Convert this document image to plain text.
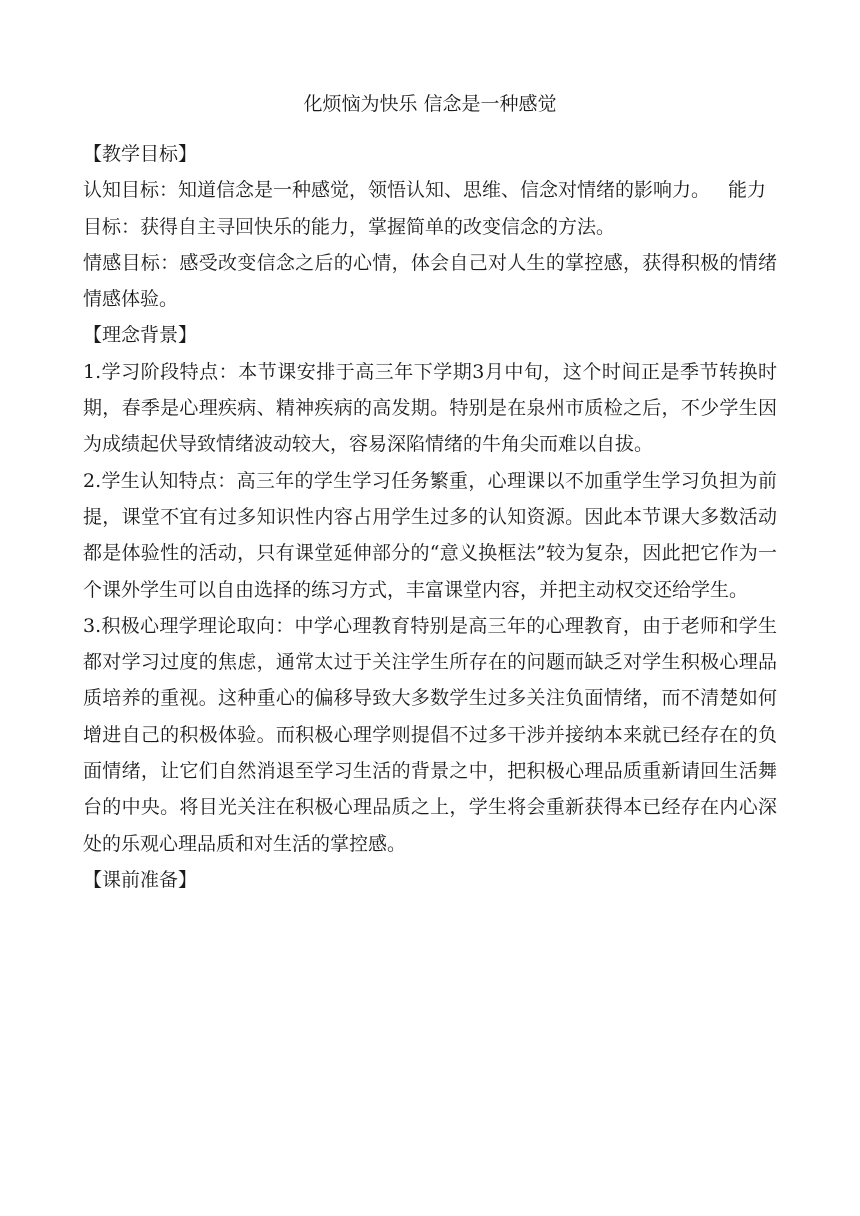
化烦恼为快乐 信念是一种感觉

【教学目标】

认知目标：知道信念是一种感觉，领悟认知、思维、信念对情绪的影响力。 能力目标：获得自主寻回快乐的能力，掌握简单的改变信念的方法。

情感目标：感受改变信念之后的心情，体会自己对人生的掌控感，获得积极的情绪情感体验。

【理念背景】

1.学习阶段特点：本节课安排于高三年下学期3月中旬，这个时间正是季节转换时期，春季是心理疾病、精神疾病的高发期。特别是在泉州市质检之后，不少学生因为成绩起伏导致情绪波动较大，容易深陷情绪的牛角尖而难以自拔。

2.学生认知特点：高三年的学生学习任务繁重，心理课以不加重学生学习负担为前提，课堂不宜有过多知识性内容占用学生过多的认知资源。因此本节课大多数活动都是体验性的活动，只有课堂延伸部分的“意义换框法”较为复杂，因此把它作为一个课外学生可以自由选择的练习方式，丰富课堂内容，并把主动权交还给学生。

3.积极心理学理论取向：中学心理教育特别是高三年的心理教育，由于老师和学生都对学习过度的焦虑，通常太过于关注学生所存在的问题而缺乏对学生积极心理品质培养的重视。这种重心的偏移导致大多数学生过多关注负面情绪，而不清楚如何增进自己的积极体验。而积极心理学则提倡不过多干涉并接纳本来就已经存在的负面情绪，让它们自然消退至学习生活的背景之中，把积极心理品质重新请回生活舞台的中央。将目光关注在积极心理品质之上，学生将会重新获得本已经存在内心深处的乐观心理品质和对生活的掌控感。

【课前准备】
